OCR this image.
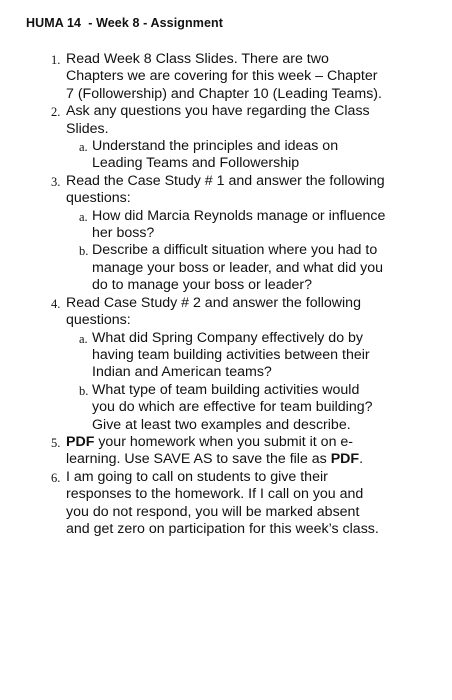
HUMA 14  - Week 8 - Assignment
1. Read Week 8 Class Slides. There are two
Chapters we are covering for this week – Chapter
7 (Followership) and Chapter 10 (Leading Teams).
2. Ask any questions you have regarding the Class
Slides.
a. Understand the principles and ideas on
Leading Teams and Followership
3. Read the Case Study # 1 and answer the following
questions:
a. How did Marcia Reynolds manage or influence
her boss?
b. Describe a difficult situation where you had to
manage your boss or leader, and what did you
do to manage your boss or leader?
4. Read Case Study # 2 and answer the following
questions:
a. What did Spring Company effectively do by
having team building activities between their
Indian and American teams?
b. What type of team building activities would
you do which are effective for team building?
Give at least two examples and describe.
5. PDF your homework when you submit it on e-
learning. Use SAVE AS to save the file as PDF.
6. I am going to call on students to give their
responses to the homework. If I call on you and
you do not respond, you will be marked absent
and get zero on participation for this week’s class.
